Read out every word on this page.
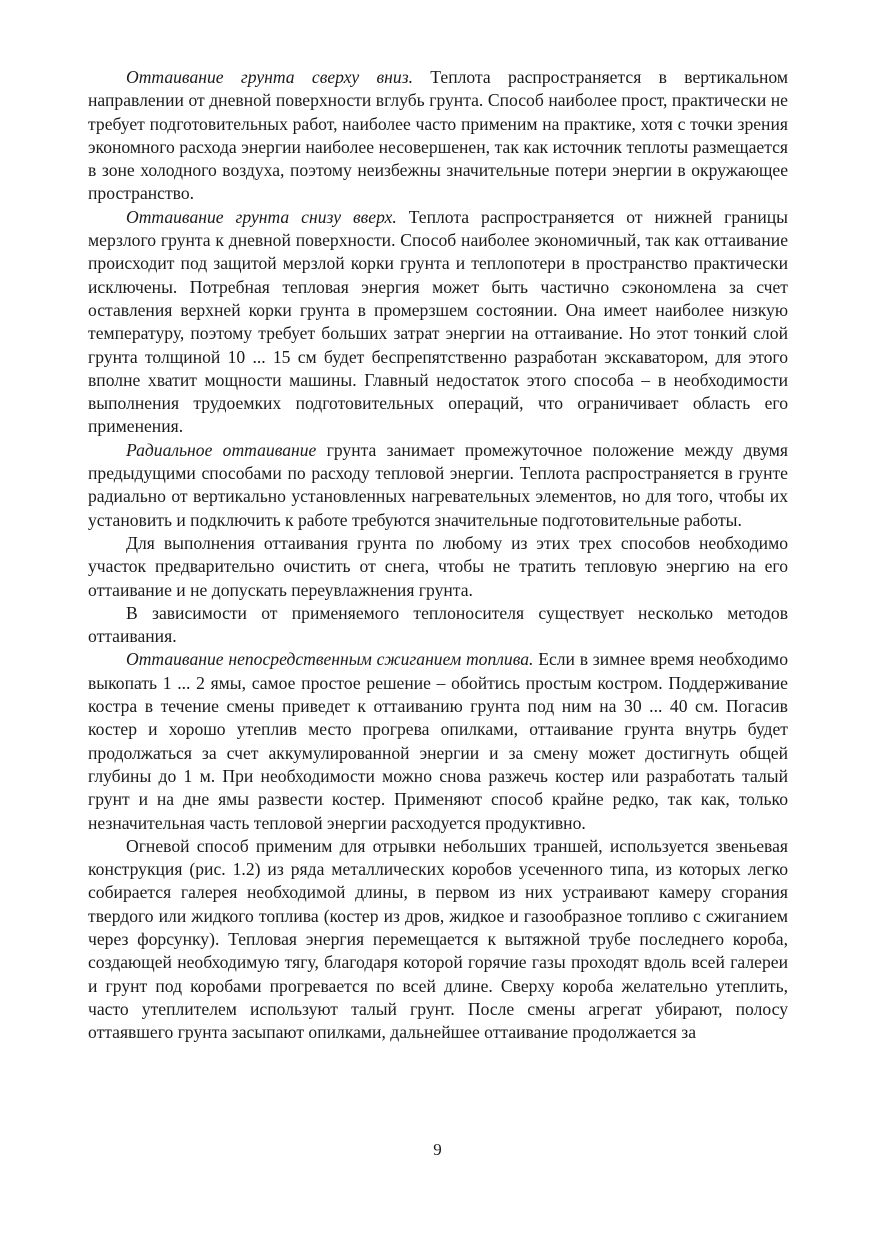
Оттаивание грунта сверху вниз. Теплота распространяется в вертикальном направлении от дневной поверхности вглубь грунта. Способ наиболее прост, практически не требует подготовительных работ, наиболее часто применим на практике, хотя с точки зрения экономного расхода энергии наиболее несовершенен, так как источник теплоты размещается в зоне холодного воздуха, поэтому неизбежны значительные потери энергии в окружающее пространство.

Оттаивание грунта снизу вверх. Теплота распространяется от нижней границы мерзлого грунта к дневной поверхности. Способ наиболее экономичный, так как оттаивание происходит под защитой мерзлой корки грунта и теплопотери в пространство практически исключены. Потребная тепловая энергия может быть частично сэкономлена за счет оставления верхней корки грунта в промерзшем состоянии. Она имеет наиболее низкую температуру, поэтому требует больших затрат энергии на оттаивание. Но этот тонкий слой грунта толщиной 10 ... 15 см будет беспрепятственно разработан экскаватором, для этого вполне хватит мощности машины. Главный недостаток этого способа – в необходимости выполнения трудоемких подготовительных операций, что ограничивает область его применения.

Радиальное оттаивание грунта занимает промежуточное положение между двумя предыдущими способами по расходу тепловой энергии. Теплота распространяется в грунте радиально от вертикально установленных нагревательных элементов, но для того, чтобы их установить и подключить к работе требуются значительные подготовительные работы.

Для выполнения оттаивания грунта по любому из этих трех способов необходимо участок предварительно очистить от снега, чтобы не тратить тепловую энергию на его оттаивание и не допускать переувлажнения грунта.

В зависимости от применяемого теплоносителя существует несколько методов оттаивания.

Оттаивание непосредственным сжиганием топлива. Если в зимнее время необходимо выкопать 1 ... 2 ямы, самое простое решение – обойтись простым костром. Поддерживание костра в течение смены приведет к оттаиванию грунта под ним на 30 ... 40 см. Погасив костер и хорошо утеплив место прогрева опилками, оттаивание грунта внутрь будет продолжаться за счет аккумулированной энергии и за смену может достигнуть общей глубины до 1 м. При необходимости можно снова разжечь костер или разработать талый грунт и на дне ямы развести костер. Применяют способ крайне редко, так как, только незначительная часть тепловой энергии расходуется продуктивно.

Огневой способ применим для отрывки небольших траншей, используется звеньевая конструкция (рис. 1.2) из ряда металлических коробов усеченного типа, из которых легко собирается галерея необходимой длины, в первом из них устраивают камеру сгорания твердого или жидкого топлива (костер из дров, жидкое и газообразное топливо с сжиганием через форсунку). Тепловая энергия перемещается к вытяжной трубе последнего короба, создающей необходимую тягу, благодаря которой горячие газы проходят вдоль всей галереи и грунт под коробами прогревается по всей длине. Сверху короба желательно утеплить, часто утеплителем используют талый грунт. После смены агрегат убирают, полосу оттаявшего грунта засыпают опилками, дальнейшее оттаивание продолжается за

9
